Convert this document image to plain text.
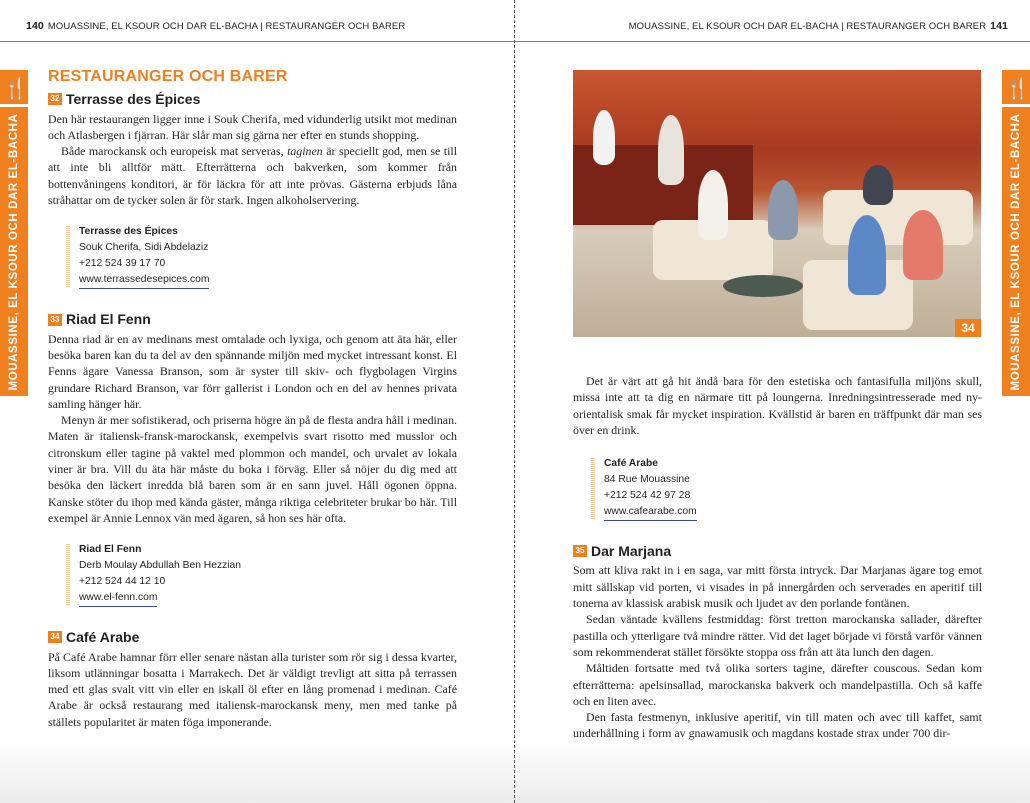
140 MOUASSINE, EL KSOUR OCH DAR EL-BACHA | RESTAURANGER OCH BARER
🍴
MOUASSINE, EL KSOUR OCH DAR EL-BACHA
RESTAURANGER OCH BARER
32 Terrasse des Épices

Den här restaurangen ligger inne i Souk Cherifa, med vidunderlig utsikt mot medinan och Atlasbergen i fjärran. Här slår man sig gärna ner efter en stunds shopping.

Både marockansk och europeisk mat serveras, taginen är speciellt god, men se till att inte bli alltför mätt. Efterrätterna och bakverken, som kommer från bottenvåningens konditori, är för läckra för att inte prövas. Gästerna erbjuds låna stråhattar om de tycker solen är för stark. Ingen alkoholservering.

Terrasse des Épices
Souk Cherifa, Sidi Abdelaziz
+212 524 39 17 70
www.terrassedesepices.com
33 Riad El Fenn

Denna riad är en av medinans mest omtalade och lyxiga, och genom att äta här, eller besöka baren kan du ta del av den spännande miljön med mycket intressant konst. El Fenns ägare Vanessa Branson, som är syster till skiv- och flygbolagen Virgins grundare Richard Branson, var förr gallerist i London och en del av hennes privata samling hänger här.

Menyn är mer sofistikerad, och priserna högre än på de flesta andra håll i medinan. Maten är italiensk-fransk-marockansk, exempelvis svart risotto med musslor och citronskum eller tagine på vaktel med plommon och mandel, och urvalet av lokala viner är bra. Vill du äta här måste du boka i förväg. Eller så nöjer du dig med att besöka den läckert inredda blå baren som är en sann juvel. Håll ögonen öppna. Kanske stöter du ihop med kända gäster, många riktiga celebriteter brukar bo här. Till exempel är Annie Lennox vän med ägaren, så hon ses här ofta.

Riad El Fenn
Derb Moulay Abdullah Ben Hezzian
+212 524 44 12 10
www.el-fenn.com
34 Café Arabe

På Café Arabe hamnar förr eller senare nästan alla turister som rör sig i dessa kvarter, liksom utlänningar bosatta i Marrakech. Det är väldigt trevligt att sitta på terrassen med ett glas svalt vitt vin eller en iskall öl efter en lång promenad i medinan. Café Arabe är också restaurang med italiensk-marockansk meny, men med tanke på ställets popularitet är maten föga imponerande.

MOUASSINE, EL KSOUR OCH DAR EL-BACHA | RESTAURANGER OCH BARER 141
🍴
MOUASSINE, EL KSOUR OCH DAR EL-BACHA
34

Det är värt att gå hit ändå bara för den estetiska och fantasifulla miljöns skull, missa inte att ta dig en närmare titt på loungerna. Inredningsintresserade med ny-orientalisk smak får mycket inspiration. Kvällstid är baren en träffpunkt där man ses över en drink.

Café Arabe
84 Rue Mouassine
+212 524 42 97 28
www.cafearabe.com
35 Dar Marjana

Som att kliva rakt in i en saga, var mitt första intryck. Dar Marjanas ägare tog emot mitt sällskap vid porten, vi visades in på innergården och serverades en aperitif till tonerna av klassisk arabisk musik och ljudet av den porlande fontänen.

Sedan väntade kvällens festmiddag: först tretton marockanska sallader, därefter pastilla och ytterligare två mindre rätter. Vid det laget började vi förstå varför vännen som rekommenderat stället försökte stoppa oss från att äta lunch den dagen.

Måltiden fortsatte med två olika sorters tagine, därefter couscous. Sedan kom efterrätterna: apelsinsallad, marockanska bakverk och mandelpastilla. Och så kaffe och en liten avec.

Den fasta festmenyn, inklusive aperitif, vin till maten och avec till kaffet, samt underhållning i form av gnawamusik och magdans kostade strax under 700 dir-
